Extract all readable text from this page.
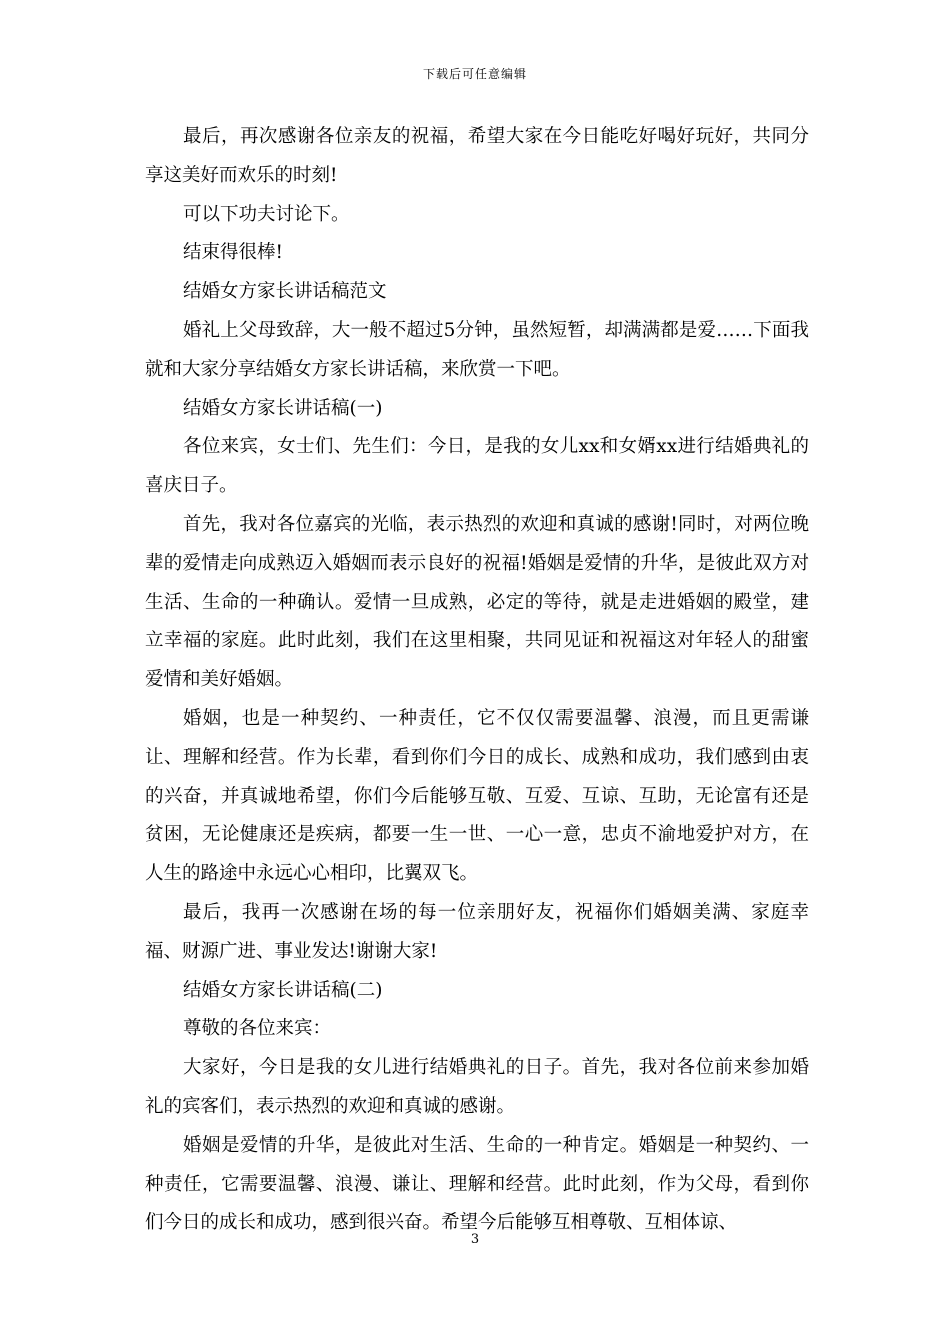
下载后可任意编辑

最后，再次感谢各位亲友的祝福，希望大家在今日能吃好喝好玩好，共同分享这美好而欢乐的时刻!

可以下功夫讨论下。

结束得很棒!

结婚女方家长讲话稿范文

婚礼上父母致辞，大一般不超过5分钟，虽然短暂，却满满都是爱……下面我就和大家分享结婚女方家长讲话稿，来欣赏一下吧。

结婚女方家长讲话稿(一)

各位来宾，女士们、先生们：今日，是我的女儿xx和女婿xx进行结婚典礼的喜庆日子。

首先，我对各位嘉宾的光临，表示热烈的欢迎和真诚的感谢!同时，对两位晚辈的爱情走向成熟迈入婚姻而表示良好的祝福!婚姻是爱情的升华，是彼此双方对生活、生命的一种确认。爱情一旦成熟，必定的等待，就是走进婚姻的殿堂，建立幸福的家庭。此时此刻，我们在这里相聚，共同见证和祝福这对年轻人的甜蜜爱情和美好婚姻。

婚姻，也是一种契约、一种责任，它不仅仅需要温馨、浪漫，而且更需谦让、理解和经营。作为长辈，看到你们今日的成长、成熟和成功，我们感到由衷的兴奋，并真诚地希望，你们今后能够互敬、互爱、互谅、互助，无论富有还是贫困，无论健康还是疾病，都要一生一世、一心一意，忠贞不渝地爱护对方，在人生的路途中永远心心相印，比翼双飞。

最后，我再一次感谢在场的每一位亲朋好友，祝福你们婚姻美满、家庭幸福、财源广进、事业发达!谢谢大家!

结婚女方家长讲话稿(二)

尊敬的各位来宾：

大家好，今日是我的女儿进行结婚典礼的日子。首先，我对各位前来参加婚礼的宾客们，表示热烈的欢迎和真诚的感谢。

婚姻是爱情的升华，是彼此对生活、生命的一种肯定。婚姻是一种契约、一种责任，它需要温馨、浪漫、谦让、理解和经营。此时此刻，作为父母，看到你们今日的成长和成功，感到很兴奋。希望今后能够互相尊敬、互相体谅、

3
